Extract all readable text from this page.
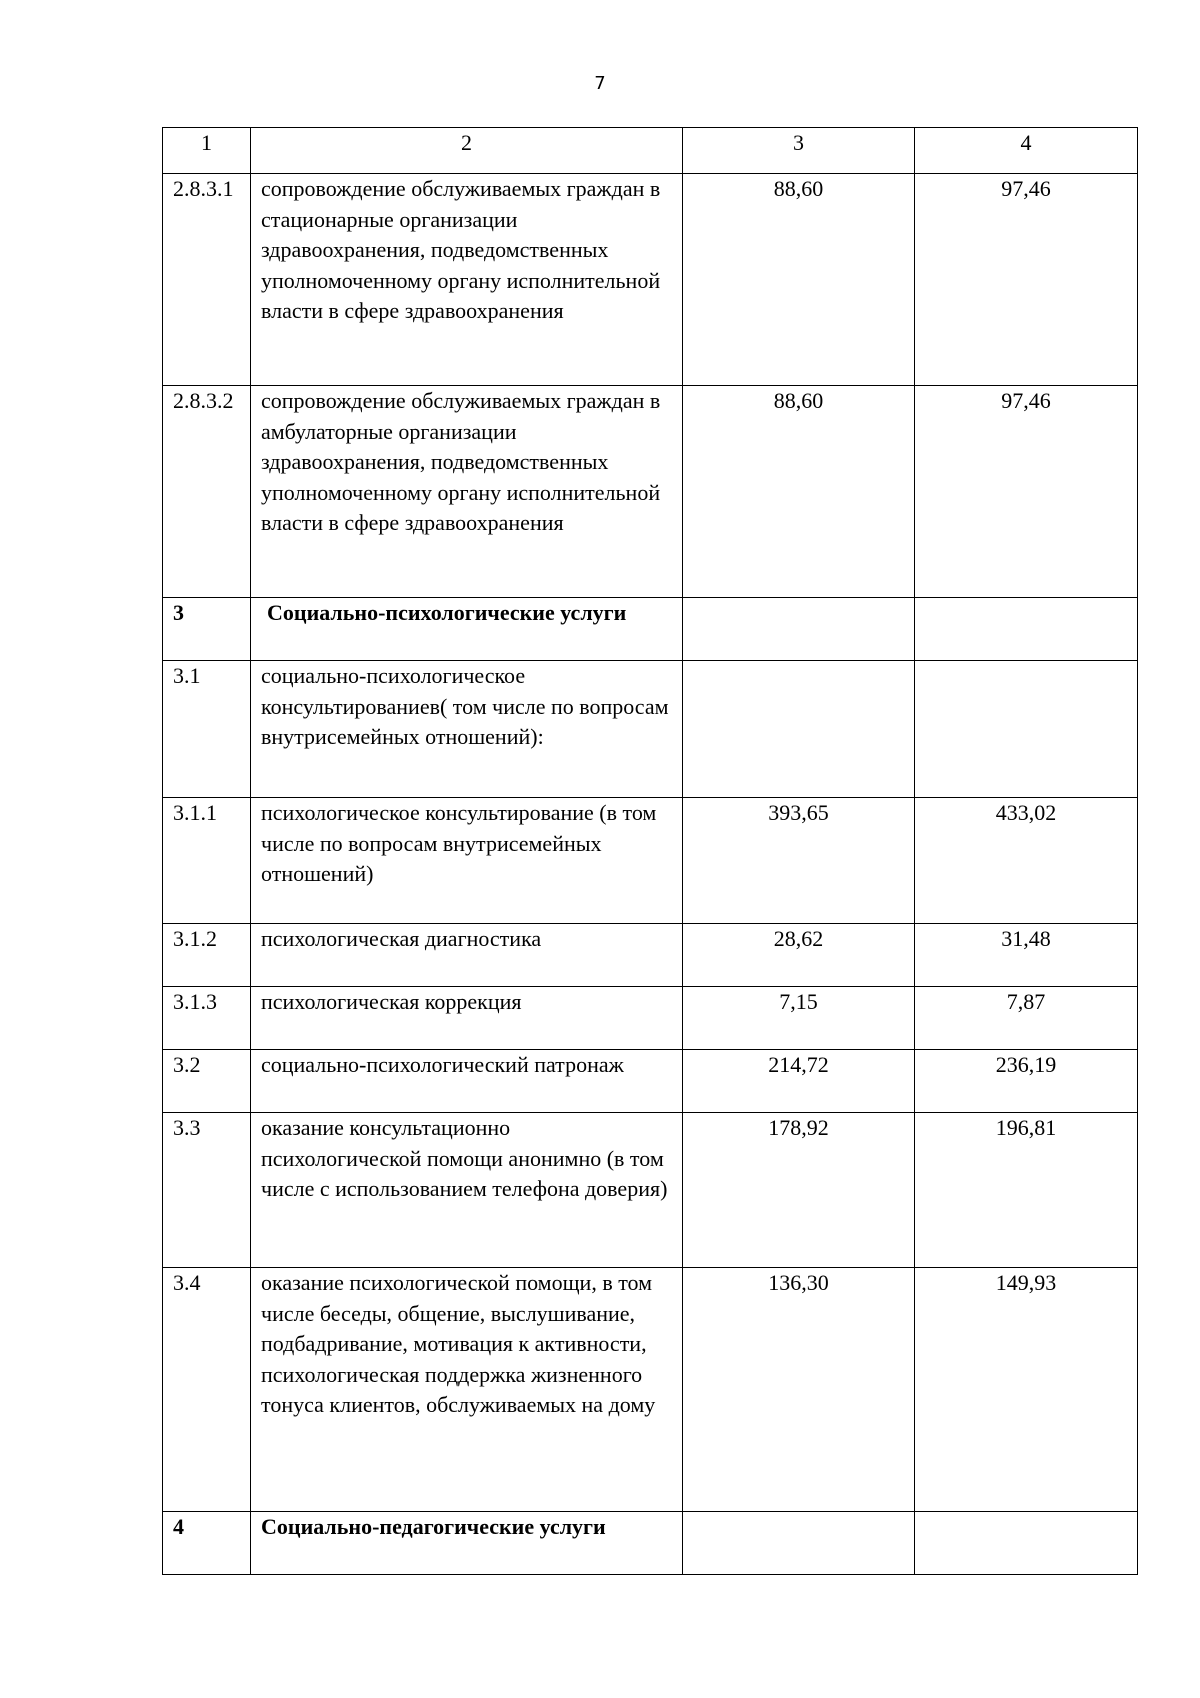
7
1	2	3	4
2.8.3.1	сопровождение обслуживаемых граждан в стационарные организации здравоохранения, подведомственных уполномоченному органу исполнительной власти в сфере здравоохранения	88,60	97,46
2.8.3.2	сопровождение обслуживаемых граждан в амбулаторные организации здравоохранения, подведомственных уполномоченному органу исполнительной власти в сфере здравоохранения	88,60	97,46
3	Социально-психологические услуги		
3.1	социально-психологическое консультированиев( том числе по вопросам внутрисемейных отношений):		
3.1.1	психологическое консультирование (в том числе по вопросам внутрисемейных отношений)	393,65	433,02
3.1.2	психологическая диагностика	28,62	31,48
3.1.3	психологическая коррекция	7,15	7,87
3.2	социально-психологический патронаж	214,72	236,19
3.3	оказание консультационно психологической помощи анонимно (в том числе с использованием телефона доверия)	178,92	196,81
3.4	оказание психологической помощи, в том числе беседы, общение, выслушивание, подбадривание, мотивация к активности, психологическая поддержка жизненного тонуса клиентов, обслуживаемых на дому	136,30	149,93
4	Социально-педагогические услуги		
